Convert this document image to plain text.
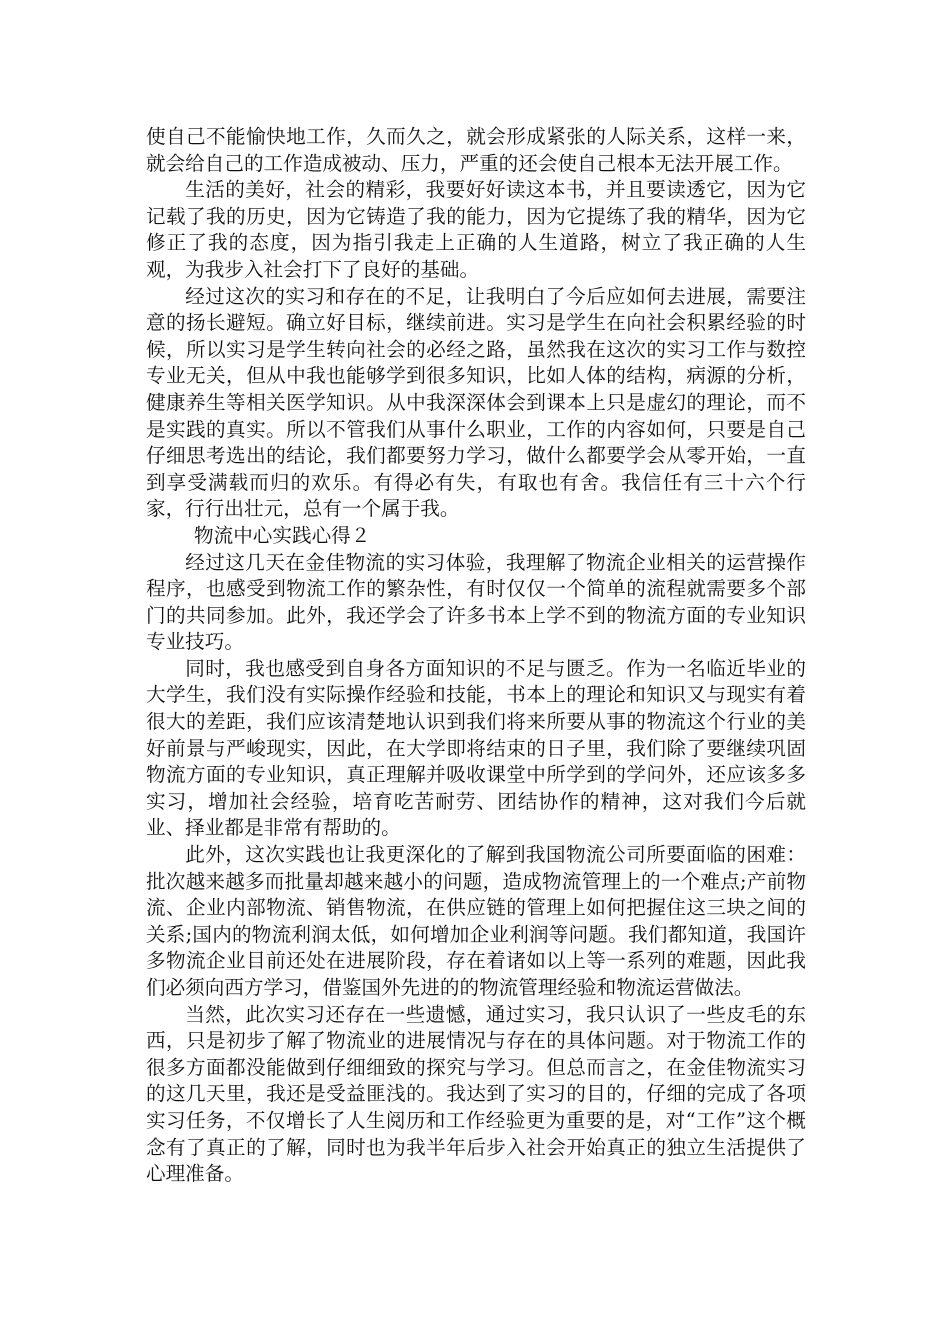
使自己不能愉快地工作，久而久之，就会形成紧张的人际关系，这样一来，就会给自己的工作造成被动、压力，严重的还会使自己根本无法开展工作。

生活的美好，社会的精彩，我要好好读这本书，并且要读透它，因为它记载了我的历史，因为它铸造了我的能力，因为它提练了我的精华，因为它修正了我的态度，因为指引我走上正确的人生道路，树立了我正确的人生观，为我步入社会打下了良好的基础。

经过这次的实习和存在的不足，让我明白了今后应如何去进展，需要注意的扬长避短。确立好目标，继续前进。实习是学生在向社会积累经验的时候，所以实习是学生转向社会的必经之路，虽然我在这次的实习工作与数控专业无关，但从中我也能够学到很多知识，比如人体的结构，病源的分析，健康养生等相关医学知识。从中我深深体会到课本上只是虚幻的理论，而不是实践的真实。所以不管我们从事什么职业，工作的内容如何，只要是自己仔细思考选出的结论，我们都要努力学习，做什么都要学会从零开始，一直到享受满载而归的欢乐。有得必有失，有取也有舍。我信任有三十六个行家，行行出壮元，总有一个属于我。

物流中心实践心得２

经过这几天在金佳物流的实习体验，我理解了物流企业相关的运营操作程序，也感受到物流工作的繁杂性，有时仅仅一个简单的流程就需要多个部门的共同参加。此外，我还学会了许多书本上学不到的物流方面的专业知识专业技巧。

同时，我也感受到自身各方面知识的不足与匮乏。作为一名临近毕业的大学生，我们没有实际操作经验和技能，书本上的理论和知识又与现实有着很大的差距，我们应该清楚地认识到我们将来所要从事的物流这个行业的美好前景与严峻现实，因此，在大学即将结束的日子里，我们除了要继续巩固物流方面的专业知识，真正理解并吸收课堂中所学到的学问外，还应该多多实习，增加社会经验，培育吃苦耐劳、团结协作的精神，这对我们今后就业、择业都是非常有帮助的。

此外，这次实践也让我更深化的了解到我国物流公司所要面临的困难：批次越来越多而批量却越来越小的问题，造成物流管理上的一个难点;产前物流、企业内部物流、销售物流，在供应链的管理上如何把握住这三块之间的关系;国内的物流利润太低，如何增加企业利润等问题。我们都知道，我国许多物流企业目前还处在进展阶段，存在着诸如以上等一系列的难题，因此我们必须向西方学习，借鉴国外先进的的物流管理经验和物流运营做法。

当然，此次实习还存在一些遗憾，通过实习，我只认识了一些皮毛的东西，只是初步了解了物流业的进展情况与存在的具体问题。对于物流工作的很多方面都没能做到仔细细致的探究与学习。但总而言之，在金佳物流实习的这几天里，我还是受益匪浅的。我达到了实习的目的，仔细的完成了各项实习任务，不仅增长了人生阅历和工作经验更为重要的是，对“工作”这个概念有了真正的了解，同时也为我半年后步入社会开始真正的独立生活提供了心理准备。
